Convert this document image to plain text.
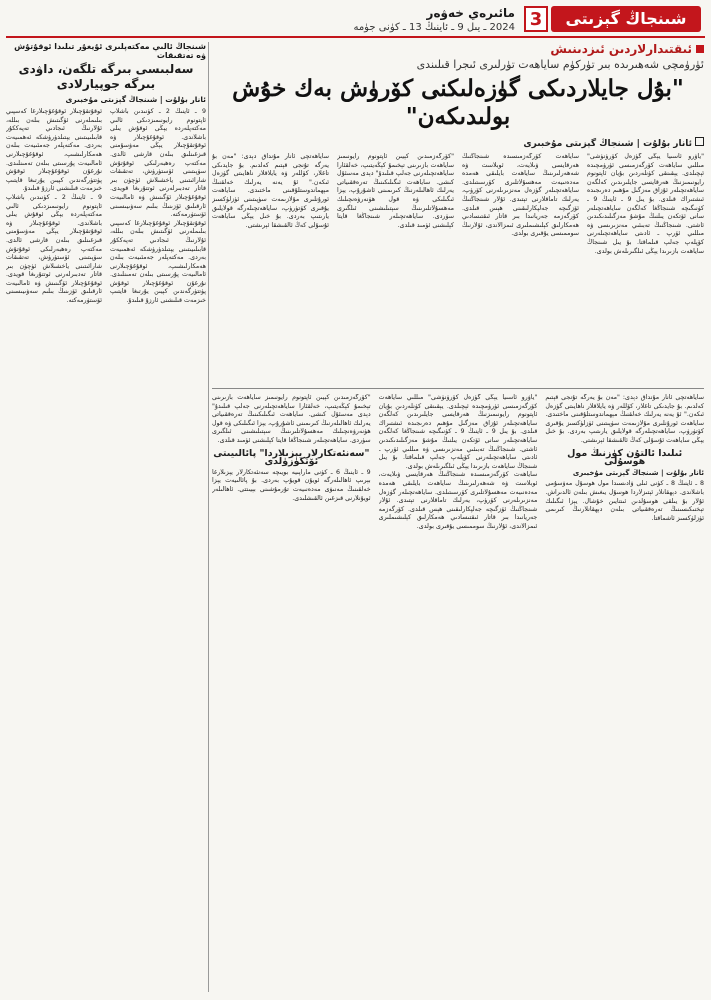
شىنجاڭ گېزىتى
3
مائىرەي خەۋەر
2024 ـ يىل 9 ـ ئاينىڭ 13 ـ كۈنى جۈمە
ئىقتىدارلاردىن ئىزدىنىش
ئۈرۈمچى شەھىرىدە بىر تۈركۈم ساياھەت تۈرلىرى ئىجرا قىلىندى
"بۇل جايلاردىكى گۈزەلىكنى كۆرۈش بەك خۇش بولىدىكەن"
ئانار بۇلۇت | شىنجاڭ گېزىتى مۇخبىرى
"ياۋرو ئاسىيا يېڭى گۈزەل كۆرۈنۈشى" مىللىي ساياھەت كۆرگەزمىسى ئۈرۈمچىدە ئېچىلدى. يېقىنقى كۈنلەردىن بۇيان ئاپتونوم رايونىمىزنىڭ ھەرقايسى جايلىرىدىن كەلگەن ساياھەتچىلەر ئۇزاق مەزگىل مۇھىم دەرىجىدە ئىشتىراك قىلدى. بۇ يىل 9 ـ ئاينىڭ 9 ـ كۈنىگىچە شىنجاڭغا كەلگەن ساياھەتچىلەر سانى ئۆتكەن يىلنىڭ مۇشۇ مەزگىلىدىكىدىن ئاشتى. شىنجاڭنىڭ تەبىئىي مەنزىرىسى ۋە مىللىي ئۆرپ ـ ئادىتى ساياھەتچىلەرنى كۆپلەپ جەلپ قىلماقتا. بۇ يىل شىنجاڭ ساياھەت بازىرىدا يېڭى ئىلگىرىلەش بولدى.
ساياھەت كۆرگەزمىسىدە شىنجاڭنىڭ ھەرقايسى ۋىلايەت، ئوبلاست ۋە شەھەرلىرىنىڭ ساياھەت بايلىقى ھەمدە مەدەنىيەت مەھسۇلاتلىرى كۆرسىتىلدى. ساياھەتچىلەر گۈزەل مەنزىرىلەرنى كۆرۈپ، يەرلىك تاماقلارنى تېتىدى. ئۇلار شىنجاڭنىڭ ئۆزگىچە جەلپكارلىقىنى ھېس قىلدى. كۆرگەزمە جەريانىدا بىر قاتار ئىقتىسادىي ھەمكارلىق كېلىشىملىرى ئىمزالاندى، ئۇلارنىڭ سوممىسى يۇقىرى بولدى.
"كۆرگەزمىدىن كېيىن ئاپتونوم رايونىمىز ساياھەت بازىرىنى تېخىمۇ كېڭەيتىپ، خەلقئارا ساياھەتچىلەرنى جەلپ قىلىدۇ" دېدى مەسئۇل كىشى. ساياھەت ئىگىلىكىنىڭ تەرەققىياتى يەرلىك ئاھالىلەرنىڭ كىرىمىنى ئاشۇرۇپ، يېزا ئىگىلىكى ۋە قول ھۈنەرۋەنچىلىك مەھسۇلاتلىرىنىڭ سېتىلىشىنى ئىلگىرى سۈردى. ساياھەتچىلەر شىنجاڭغا قايتا كېلىشنى ئۈمىد قىلدى.
ساياھەتچى ئانار مۇنداق دېدى: "مەن بۇ يەرگە تۇنجى قېتىم كەلدىم. بۇ جايدىكى تاغلار، كۆللەر ۋە يايلاقلار ناھايىتى گۈزەل ئىكەن." ئۇ يەنە يەرلىك خەلقنىڭ مېھماندوستلۇقىنى ماختىدى. ساياھەت ئورۇنلىرى مۇلازىمەت سۈپىتىنى ئۈزلۈكسىز يۇقىرى كۆتۈرۈپ، ساياھەتچىلەرگە قولايلىق يارىتىپ بەردى. بۇ خىل يېڭى ساياھەت ئۇسۇلى كەڭ ئالقىشقا ئېرىشتى.
ساياھەتچى ئانار مۇنداق دېدى: "مەن بۇ يەرگە تۇنجى قېتىم كەلدىم. بۇ جايدىكى تاغلار، كۆللەر ۋە يايلاقلار ناھايىتى گۈزەل ئىكەن." ئۇ يەنە يەرلىك خەلقنىڭ مېھماندوستلۇقىنى ماختىدى. ساياھەت ئورۇنلىرى مۇلازىمەت سۈپىتىنى ئۈزلۈكسىز يۇقىرى كۆتۈرۈپ، ساياھەتچىلەرگە قولايلىق يارىتىپ بەردى. بۇ خىل يېڭى ساياھەت ئۇسۇلى كەڭ ئالقىشقا ئېرىشتى.
ئىلىدا ئالتۇن كۈزنىڭ مول ھوسۇلى
ئانار بۇلۇت | شىنجاڭ گېزىتى مۇخبىرى
8 ـ ئاينىڭ 8 ـ كۈنى ئىلى ۋادىسىدا مول ھوسۇل مەۋسۇمى باشلاندى. دېھقانلار ئېتىزلاردا ھوسۇل يىغىش بىلەن ئالدىراش. ئۇلار بۇ يىلقى ھوسۇلدىن ئىنتايىن خۇشال. يېزا ئىگىلىك تېخنىكىسىنىڭ تەرەققىياتى بىلەن دېھقانلارنىڭ كىرىمى ئۈزلۈكسىز ئاشماقتا.
"ياۋرو ئاسىيا يېڭى گۈزەل كۆرۈنۈشى" مىللىي ساياھەت كۆرگەزمىسى ئۈرۈمچىدە ئېچىلدى. يېقىنقى كۈنلەردىن بۇيان ئاپتونوم رايونىمىزنىڭ ھەرقايسى جايلىرىدىن كەلگەن ساياھەتچىلەر ئۇزاق مەزگىل مۇھىم دەرىجىدە ئىشتىراك قىلدى. بۇ يىل 9 ـ ئاينىڭ 9 ـ كۈنىگىچە شىنجاڭغا كەلگەن ساياھەتچىلەر سانى ئۆتكەن يىلنىڭ مۇشۇ مەزگىلىدىكىدىن ئاشتى. شىنجاڭنىڭ تەبىئىي مەنزىرىسى ۋە مىللىي ئۆرپ ـ ئادىتى ساياھەتچىلەرنى كۆپلەپ جەلپ قىلماقتا. بۇ يىل شىنجاڭ ساياھەت بازىرىدا يېڭى ئىلگىرىلەش بولدى.
ساياھەت كۆرگەزمىسىدە شىنجاڭنىڭ ھەرقايسى ۋىلايەت، ئوبلاست ۋە شەھەرلىرىنىڭ ساياھەت بايلىقى ھەمدە مەدەنىيەت مەھسۇلاتلىرى كۆرسىتىلدى. ساياھەتچىلەر گۈزەل مەنزىرىلەرنى كۆرۈپ، يەرلىك تاماقلارنى تېتىدى. ئۇلار شىنجاڭنىڭ ئۆزگىچە جەلپكارلىقىنى ھېس قىلدى. كۆرگەزمە جەريانىدا بىر قاتار ئىقتىسادىي ھەمكارلىق كېلىشىملىرى ئىمزالاندى، ئۇلارنىڭ سوممىسى يۇقىرى بولدى.
"كۆرگەزمىدىن كېيىن ئاپتونوم رايونىمىز ساياھەت بازىرىنى تېخىمۇ كېڭەيتىپ، خەلقئارا ساياھەتچىلەرنى جەلپ قىلىدۇ" دېدى مەسئۇل كىشى. ساياھەت ئىگىلىكىنىڭ تەرەققىياتى يەرلىك ئاھالىلەرنىڭ كىرىمىنى ئاشۇرۇپ، يېزا ئىگىلىكى ۋە قول ھۈنەرۋەنچىلىك مەھسۇلاتلىرىنىڭ سېتىلىشىنى ئىلگىرى سۈردى. ساياھەتچىلەر شىنجاڭغا قايتا كېلىشنى ئۈمىد قىلدى.
"سەنئەتكارلار يېزىلاردا" پائالىيىتى ئۆتكۈزۈلدى
9 ـ ئاينىڭ 6 ـ كۈنى ماراپىيە بويىچە سەنئەتكارلار يېزىلارغا بېرىپ ئاھالىلەرگە ئويۇن قويۇپ بەردى. بۇ پائالىيەت يېزا خەلقىنىڭ مەنىۋى مەدەنىيەت تۇرمۇشىنى بېيىتتى. ئاھالىلەر ئويۇنلارنى قىزغىن ئالقىشلىدى.
شىنجاڭ ئالىي مەكتەپلىرى ئۇيغۇر تىلىدا ئوقۇتۇش ۋە تەتقىقات
سەلبىسى بىرگە تلگەن، داۋدى بىرگە جوپيارلادى
ئانار بۇلۇت | شىنجاڭ گېزىتى مۇخبىرى
9 ـ ئاينىڭ 2 ـ كۈنىدىن باشلاپ ئاپتونوم رايونىمىزدىكى ئالىي مەكتەپلەردە يېڭى ئوقۇش يىلى باشلاندى. ئوقۇغۇچىلار ۋە ئوقۇتقۇچىلار يېڭى مەۋسۇمنى قىزغىنلىق بىلەن قارشى ئالدى. مەكتەپ رەھبەرلىكى ئوقۇتۇش سۈپىتىنى ئۆستۈرۈش، تەتقىقات شارائىتىنى ياخشىلاش ئۈچۈن بىر قاتار تەدبىرلەرنى ئوتتۇرىغا قويدى. ئوقۇغۇچىلار ئۆگىنىش ۋە ئامالىيەت ئارقىلىق ئۆزىنىڭ بىلىم سەۋىيىسىنى ئۆستۈرمەكتە.
ئوقۇتقۇچىلار ئوقۇغۇچىلارغا كەسپىي بىلىملەرنى ئۆگىتىش بىلەن بىللە، ئۇلارنىڭ ئىجادىي تەپەككۇر قابىلىيىتىنى يېتىلدۈرۈشكە ئەھمىيەت بەردى. مەكتەپلەر جەمئىيەت بىلەن ھەمكارلىشىپ، ئوقۇغۇچىلارنى ئامالىيەت پۇرسىتى بىلەن تەمىنلىدى. نۇرغۇن ئوقۇغۇچىلار ئوقۇش پۈتتۈرگەندىن كېيىن يۇرتىغا قايتىپ خىزمەت قىلىشنى ئارزۇ قىلىدۇ.
ئوقۇتقۇچىلار ئوقۇغۇچىلارغا كەسپىي بىلىملەرنى ئۆگىتىش بىلەن بىللە، ئۇلارنىڭ ئىجادىي تەپەككۇر قابىلىيىتىنى يېتىلدۈرۈشكە ئەھمىيەت بەردى. مەكتەپلەر جەمئىيەت بىلەن ھەمكارلىشىپ، ئوقۇغۇچىلارنى ئامالىيەت پۇرسىتى بىلەن تەمىنلىدى. نۇرغۇن ئوقۇغۇچىلار ئوقۇش پۈتتۈرگەندىن كېيىن يۇرتىغا قايتىپ خىزمەت قىلىشنى ئارزۇ قىلىدۇ.
9 ـ ئاينىڭ 2 ـ كۈنىدىن باشلاپ ئاپتونوم رايونىمىزدىكى ئالىي مەكتەپلەردە يېڭى ئوقۇش يىلى باشلاندى. ئوقۇغۇچىلار ۋە ئوقۇتقۇچىلار يېڭى مەۋسۇمنى قىزغىنلىق بىلەن قارشى ئالدى. مەكتەپ رەھبەرلىكى ئوقۇتۇش سۈپىتىنى ئۆستۈرۈش، تەتقىقات شارائىتىنى ياخشىلاش ئۈچۈن بىر قاتار تەدبىرلەرنى ئوتتۇرىغا قويدى. ئوقۇغۇچىلار ئۆگىنىش ۋە ئامالىيەت ئارقىلىق ئۆزىنىڭ بىلىم سەۋىيىسىنى ئۆستۈرمەكتە.
